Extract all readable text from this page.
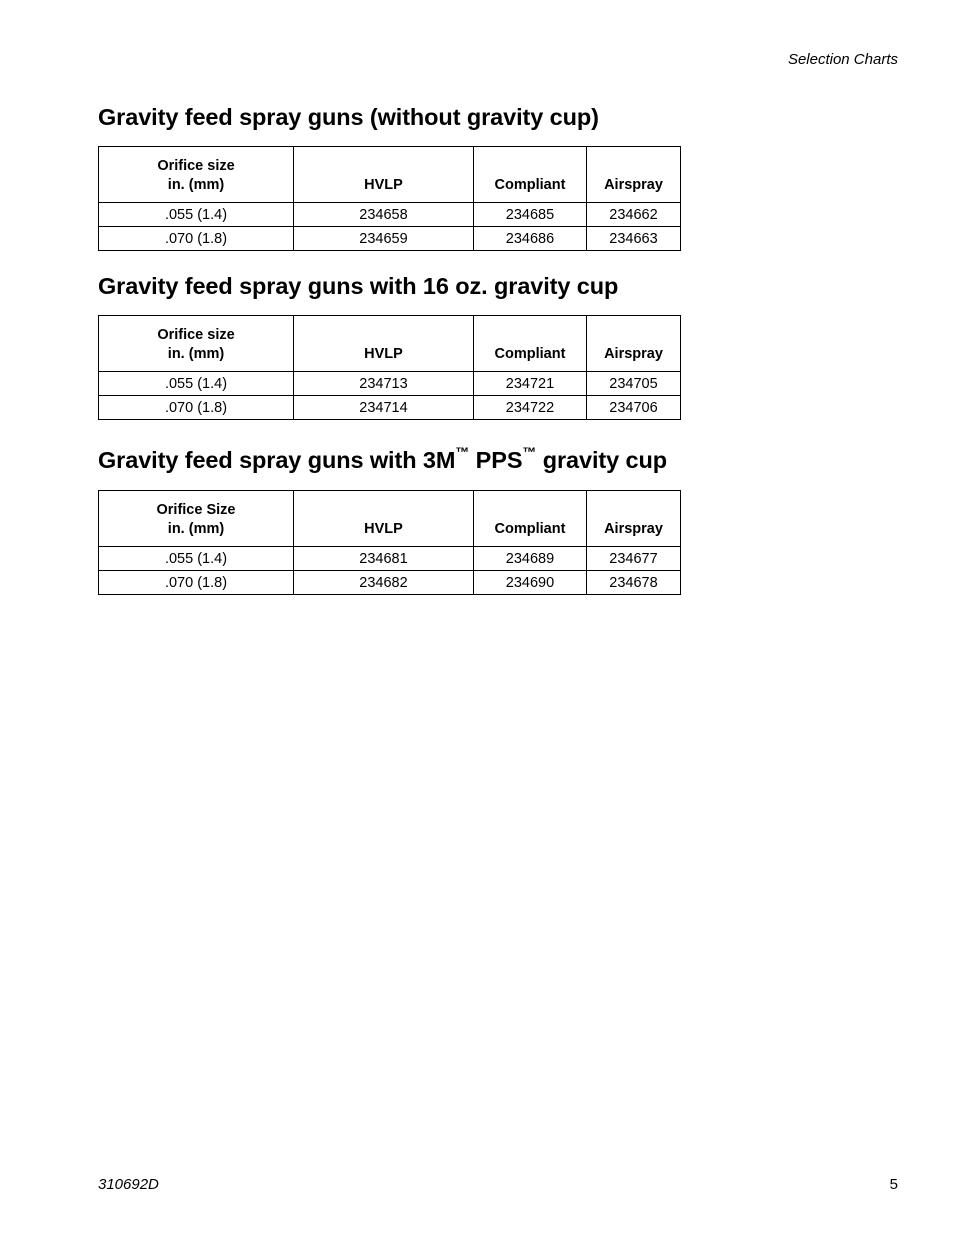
Selection Charts
Gravity feed spray guns (without gravity cup)
Orifice size
in. (mm)	HVLP	Compliant	Airspray
.055 (1.4)	234658	234685	234662
.070 (1.8)	234659	234686	234663
Gravity feed spray guns with 16 oz. gravity cup
Orifice size
in. (mm)	HVLP	Compliant	Airspray
.055 (1.4)	234713	234721	234705
.070 (1.8)	234714	234722	234706
Gravity feed spray guns with 3M™ PPS™ gravity cup
Orifice Size
in. (mm)	HVLP	Compliant	Airspray
.055 (1.4)	234681	234689	234677
.070 (1.8)	234682	234690	234678
310692D	5
